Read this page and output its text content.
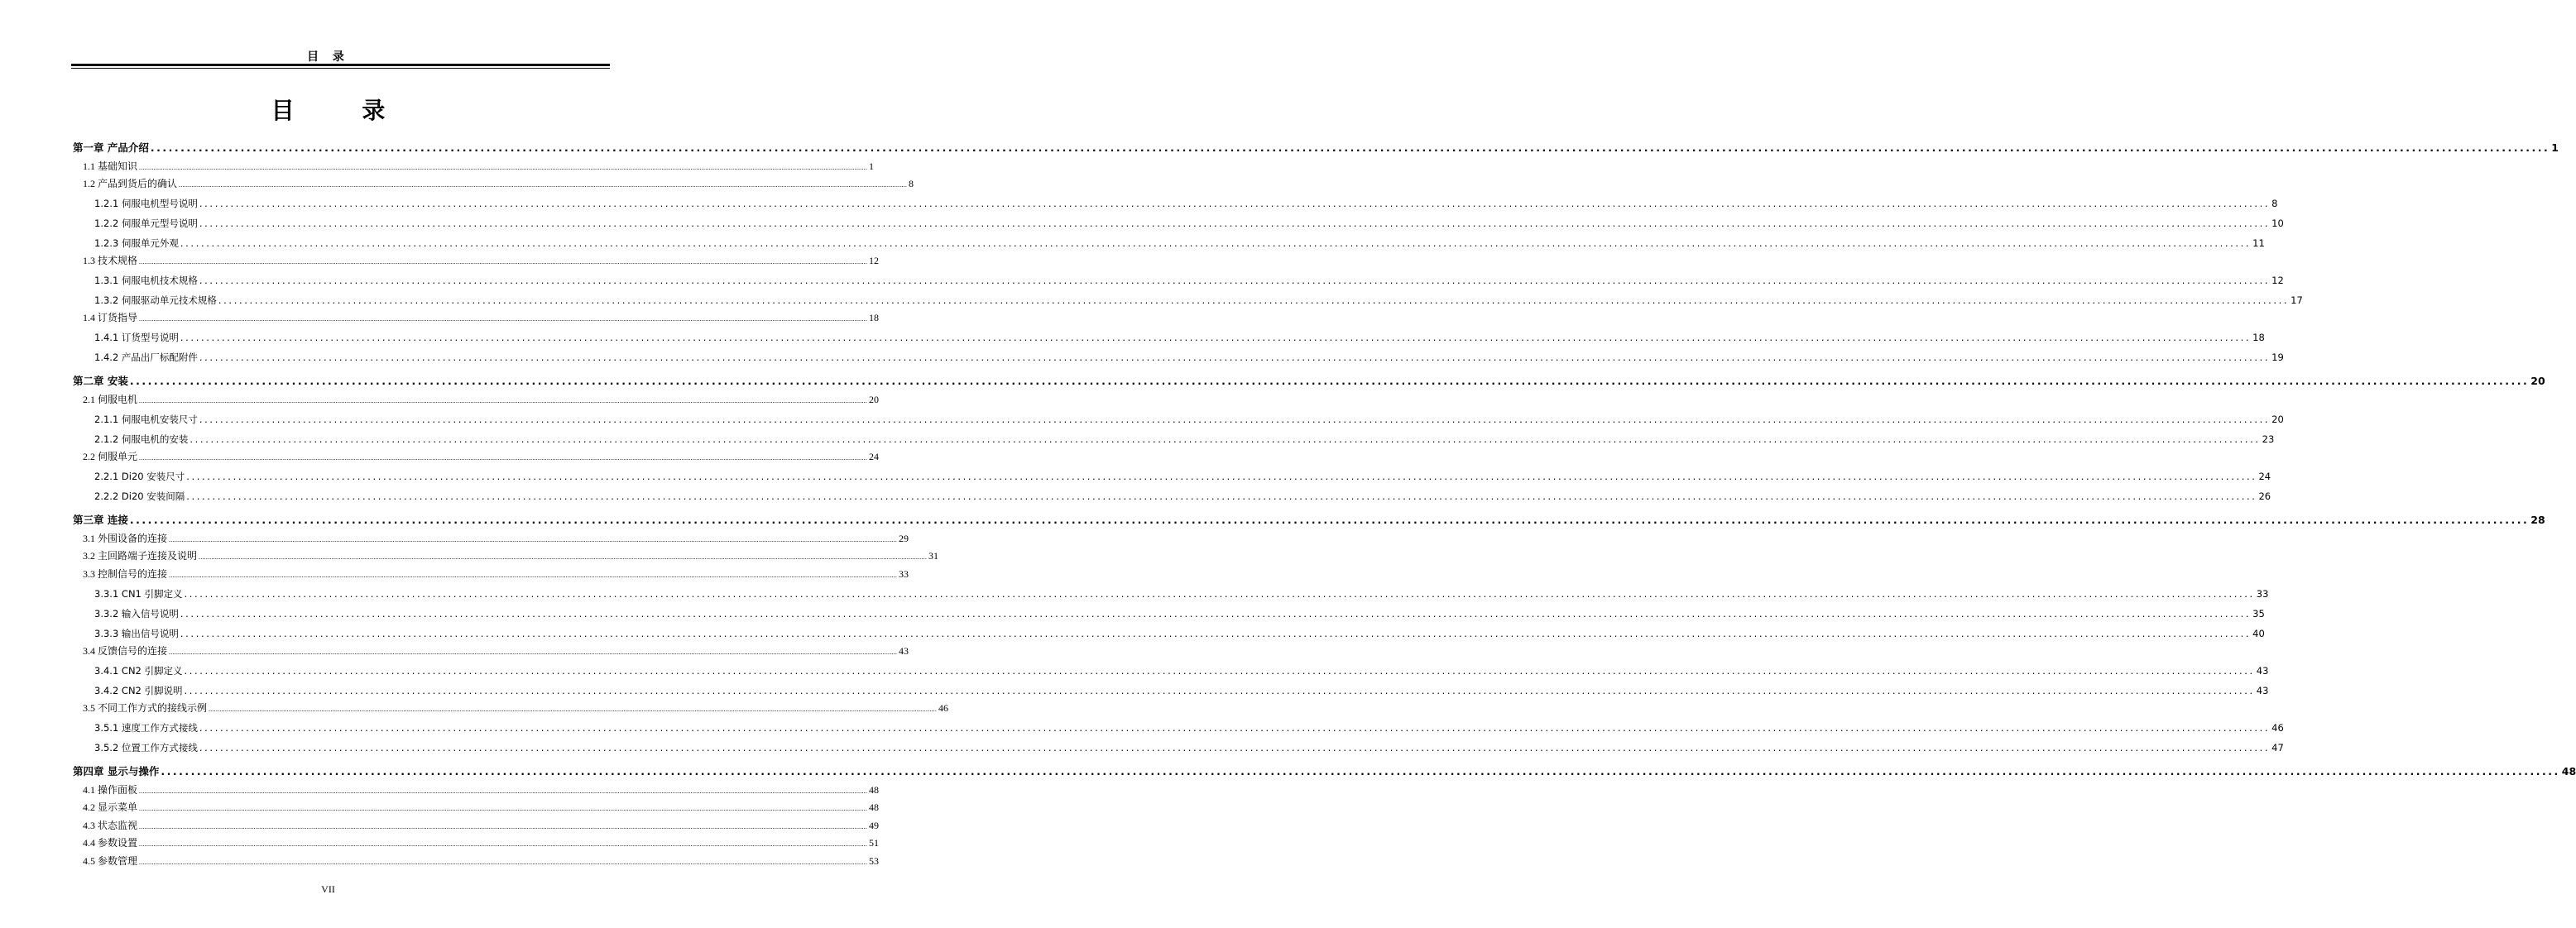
目 录
目 录
第一章 产品介绍 ................................................................................................................................................................................................................................................................................................................................................................................................................ 1
1.1 基础知识 ................................................................................................................................................................................................................................................................................................................................................................................................................ 1
1.2 产品到货后的确认 ................................................................................................................................................................................................................................................................................................................................................................................................................ 8
1.2.1 伺服电机型号说明 ................................................................................................................................................................................................................................................................................................................................................................................................................ 8
1.2.2 伺服单元型号说明 ................................................................................................................................................................................................................................................................................................................................................................................................................ 10
1.2.3 伺服单元外观 ................................................................................................................................................................................................................................................................................................................................................................................................................ 11
1.3 技术规格 ................................................................................................................................................................................................................................................................................................................................................................................................................ 12
1.3.1 伺服电机技术规格 ................................................................................................................................................................................................................................................................................................................................................................................................................ 12
1.3.2 伺服驱动单元技术规格 ................................................................................................................................................................................................................................................................................................................................................................................................................ 17
1.4 订货指导 ................................................................................................................................................................................................................................................................................................................................................................................................................ 18
1.4.1 订货型号说明 ................................................................................................................................................................................................................................................................................................................................................................................................................ 18
1.4.2 产品出厂标配附件 ................................................................................................................................................................................................................................................................................................................................................................................................................ 19
第二章 安装 ................................................................................................................................................................................................................................................................................................................................................................................................................ 20
2.1 伺服电机 ................................................................................................................................................................................................................................................................................................................................................................................................................ 20
2.1.1 伺服电机安装尺寸 ................................................................................................................................................................................................................................................................................................................................................................................................................ 20
2.1.2 伺服电机的安装 ................................................................................................................................................................................................................................................................................................................................................................................................................ 23
2.2 伺服单元 ................................................................................................................................................................................................................................................................................................................................................................................................................ 24
2.2.1 Di20 安装尺寸 ................................................................................................................................................................................................................................................................................................................................................................................................................ 24
2.2.2 Di20 安装间隔 ................................................................................................................................................................................................................................................................................................................................................................................................................ 26
第三章 连接 ................................................................................................................................................................................................................................................................................................................................................................................................................ 28
3.1 外围设备的连接 ................................................................................................................................................................................................................................................................................................................................................................................................................ 29
3.2 主回路端子连接及说明 ................................................................................................................................................................................................................................................................................................................................................................................................................ 31
3.3 控制信号的连接 ................................................................................................................................................................................................................................................................................................................................................................................................................ 33
3.3.1 CN1 引脚定义 ................................................................................................................................................................................................................................................................................................................................................................................................................ 33
3.3.2 输入信号说明 ................................................................................................................................................................................................................................................................................................................................................................................................................ 35
3.3.3 输出信号说明 ................................................................................................................................................................................................................................................................................................................................................................................................................ 40
3.4 反馈信号的连接 ................................................................................................................................................................................................................................................................................................................................................................................................................ 43
3.4.1 CN2 引脚定义 ................................................................................................................................................................................................................................................................................................................................................................................................................ 43
3.4.2 CN2 引脚说明 ................................................................................................................................................................................................................................................................................................................................................................................................................ 43
3.5 不同工作方式的接线示例 ................................................................................................................................................................................................................................................................................................................................................................................................................ 46
3.5.1 速度工作方式接线 ................................................................................................................................................................................................................................................................................................................................................................................................................ 46
3.5.2 位置工作方式接线 ................................................................................................................................................................................................................................................................................................................................................................................................................ 47
第四章 显示与操作 ................................................................................................................................................................................................................................................................................................................................................................................................................ 48
4.1 操作面板 ................................................................................................................................................................................................................................................................................................................................................................................................................ 48
4.2 显示菜单 ................................................................................................................................................................................................................................................................................................................................................................................................................ 48
4.3 状态监视 ................................................................................................................................................................................................................................................................................................................................................................................................................ 49
4.4 参数设置 ................................................................................................................................................................................................................................................................................................................................................................................................................ 51
4.5 参数管理 ................................................................................................................................................................................................................................................................................................................................................................................................................ 53
VII
